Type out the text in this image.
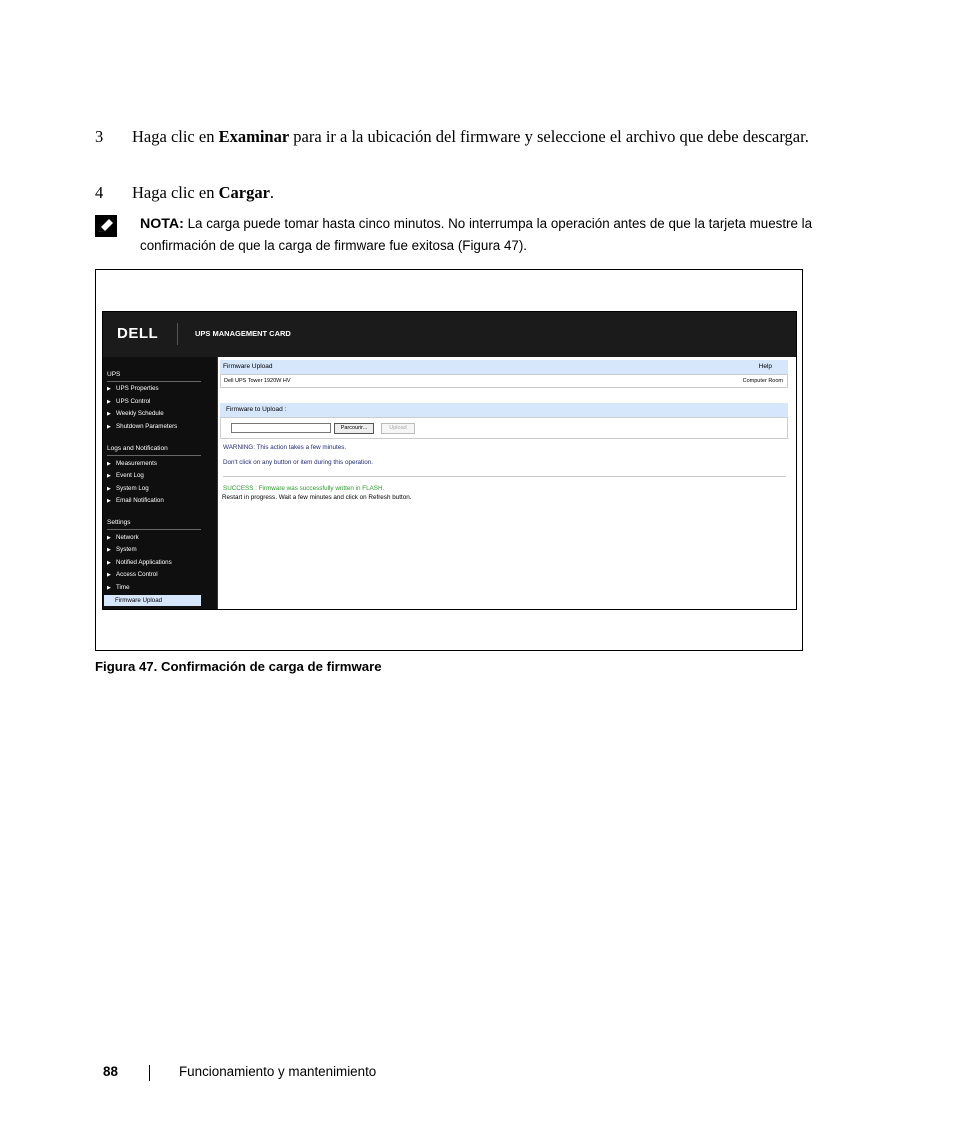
3	Haga clic en Examinar para ir a la ubicación del firmware y seleccione el archivo que debe descargar.
4	Haga clic en Cargar.
NOTA: La carga puede tomar hasta cinco minutos. No interrumpa la operación antes de que la tarjeta muestre la confirmación de que la carga de firmware fue exitosa (Figura 47).
DELL	UPS MANAGEMENT CARD
UPS
▶ UPS Properties
▶ UPS Control
▶ Weekly Schedule
▶ Shutdown Parameters
Logs and Notification
▶ Measurements
▶ Event Log
▶ System Log
▶ Email Notification
Settings
▶ Network
▶ System
▶ Notified Applications
▶ Access Control
▶ Time
Firmware Upload
Firmware Upload	Help
Dell UPS Tower 1920W HV	Computer Room
Firmware to Upload :
Parcourir...	Upload
WARNING: This action takes a few minutes.
Don't click on any button or item during this operation.
SUCCESS : Firmware was successfully written in FLASH.
Restart in progress. Wait a few minutes and click on Refresh button.
Figura 47. Confirmación de carga de firmware
88	Funcionamiento y mantenimiento
